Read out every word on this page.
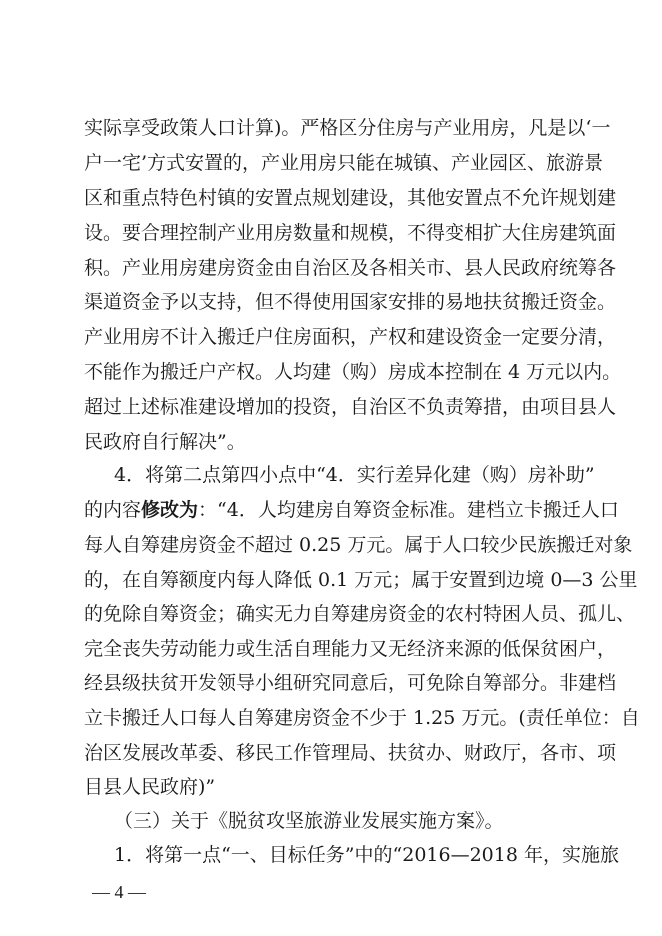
实际享受政策人口计算)。严格区分住房与产业用房，凡是以‘一
户一宅’方式安置的，产业用房只能在城镇、产业园区、旅游景
区和重点特色村镇的安置点规划建设，其他安置点不允许规划建
设。要合理控制产业用房数量和规模，不得变相扩大住房建筑面
积。产业用房建房资金由自治区及各相关市、县人民政府统筹各
渠道资金予以支持，但不得使用国家安排的易地扶贫搬迁资金。
产业用房不计入搬迁户住房面积，产权和建设资金一定要分清，
不能作为搬迁户产权。人均建（购）房成本控制在 4 万元以内。
超过上述标准建设增加的投资，自治区不负责筹措，由项目县人
民政府自行解决”。
4．将第二点第四小点中“4．实行差异化建（购）房补助”
的内容修改为：“4．人均建房自筹资金标准。建档立卡搬迁人口
每人自筹建房资金不超过 0.25 万元。属于人口较少民族搬迁对象
的，在自筹额度内每人降低 0.1 万元；属于安置到边境 0—3 公里
的免除自筹资金；确实无力自筹建房资金的农村特困人员、孤儿、
完全丧失劳动能力或生活自理能力又无经济来源的低保贫困户，
经县级扶贫开发领导小组研究同意后，可免除自筹部分。非建档
立卡搬迁人口每人自筹建房资金不少于 1.25 万元。(责任单位：自
治区发展改革委、移民工作管理局、扶贫办、财政厅，各市、项
目县人民政府)”
（三）关于《脱贫攻坚旅游业发展实施方案》。
1．将第一点“一、目标任务”中的“2016—2018 年，实施旅
— 4 —
